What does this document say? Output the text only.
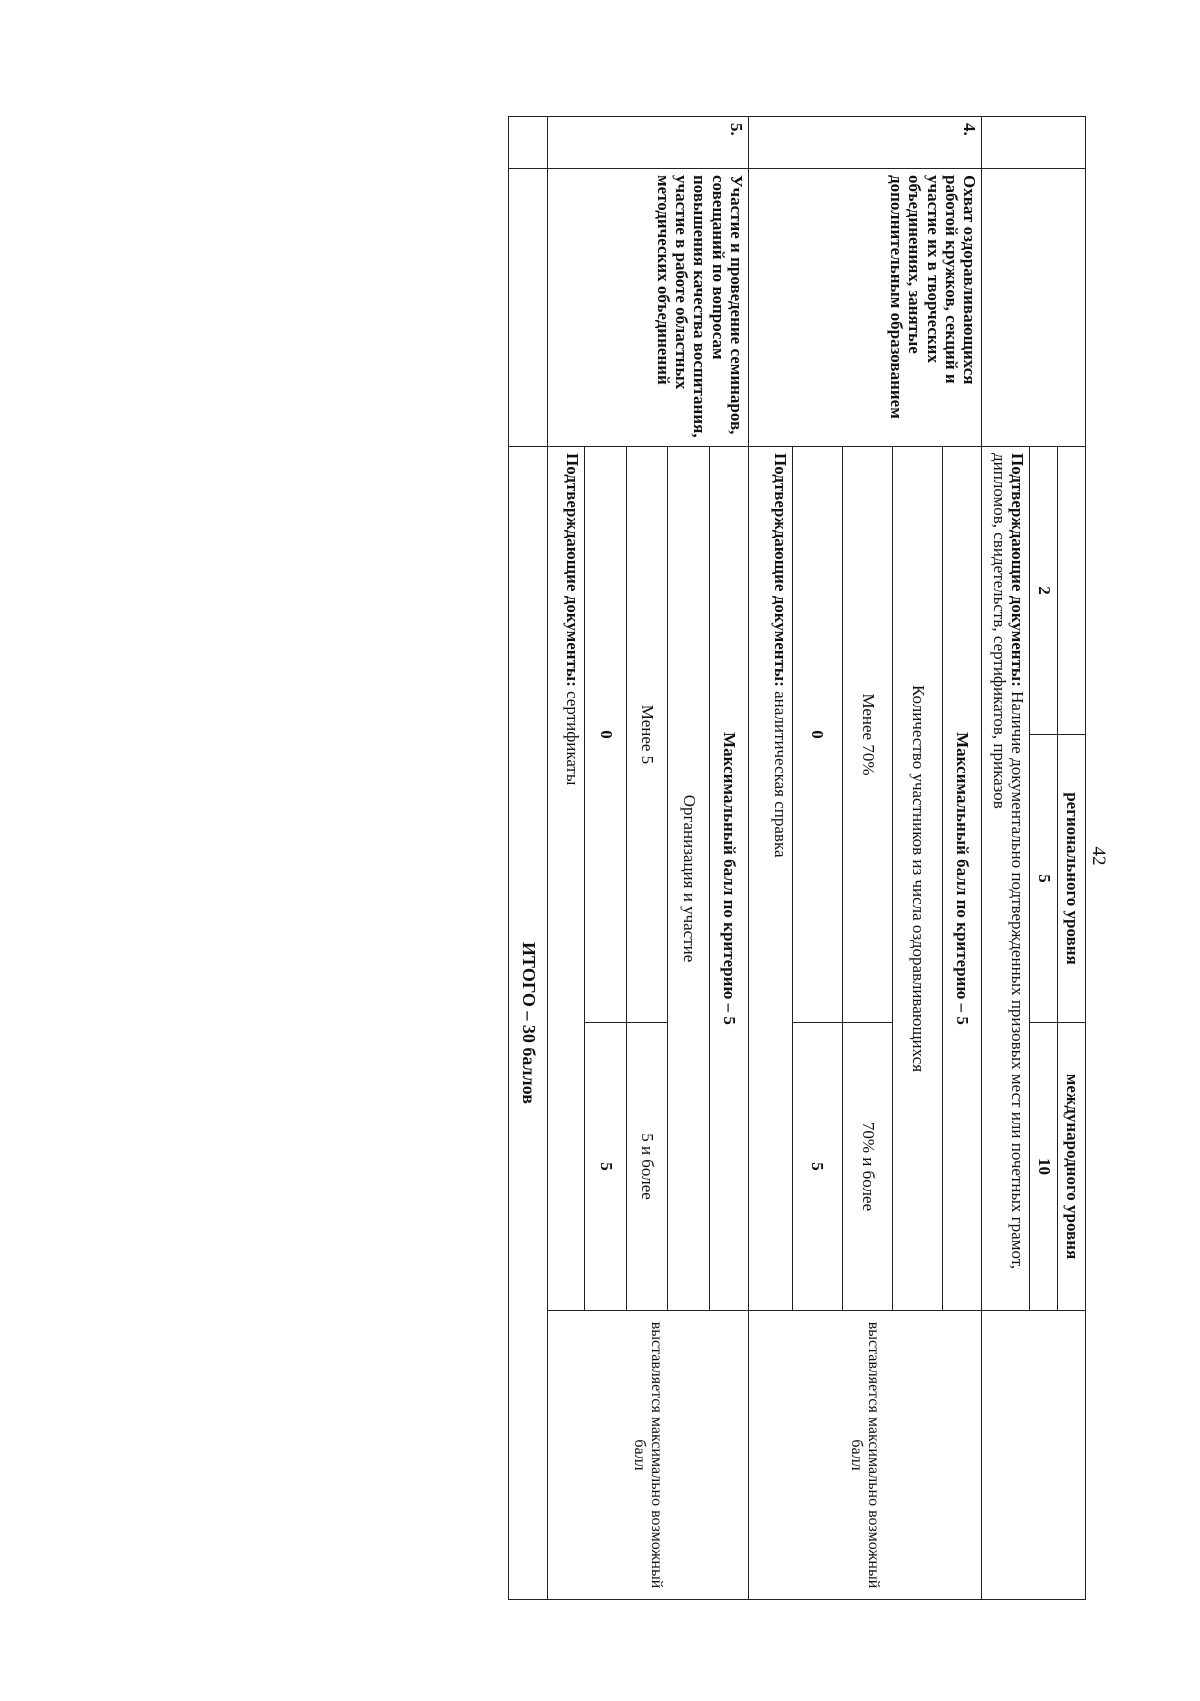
42
			регионального уровня	международного уровня	
		2	5	10	
		Подтверждающие документы: Наличие документально подтвержденных призовых мест или почетных грамот, дипломов, свидетельств, сертификатов, приказов			
4.	Охват оздоравливающихся работой кружков, секций и участие их в творческих объединениях, занятые дополнительным образованием	Максимальный балл по критерию – 5			выставляется максимально возможный балл
		Количество участников из числа оздоравливающихся			
		Менее 70%		70% и более	
		0		5	
		Подтверждающие документы: аналитическая справка			
5.	Участие и проведение семинаров, совещаний по вопросам повышения качества воспитания, участие в работе областных методических объединений	Максимальный балл по критерию – 5			выставляется максимально возможный балл
		Организация и участие			
		Менее 5		5 и более	
		0		5	
		Подтверждающие документы: сертификаты			
		ИТОГО – 30 баллов			
